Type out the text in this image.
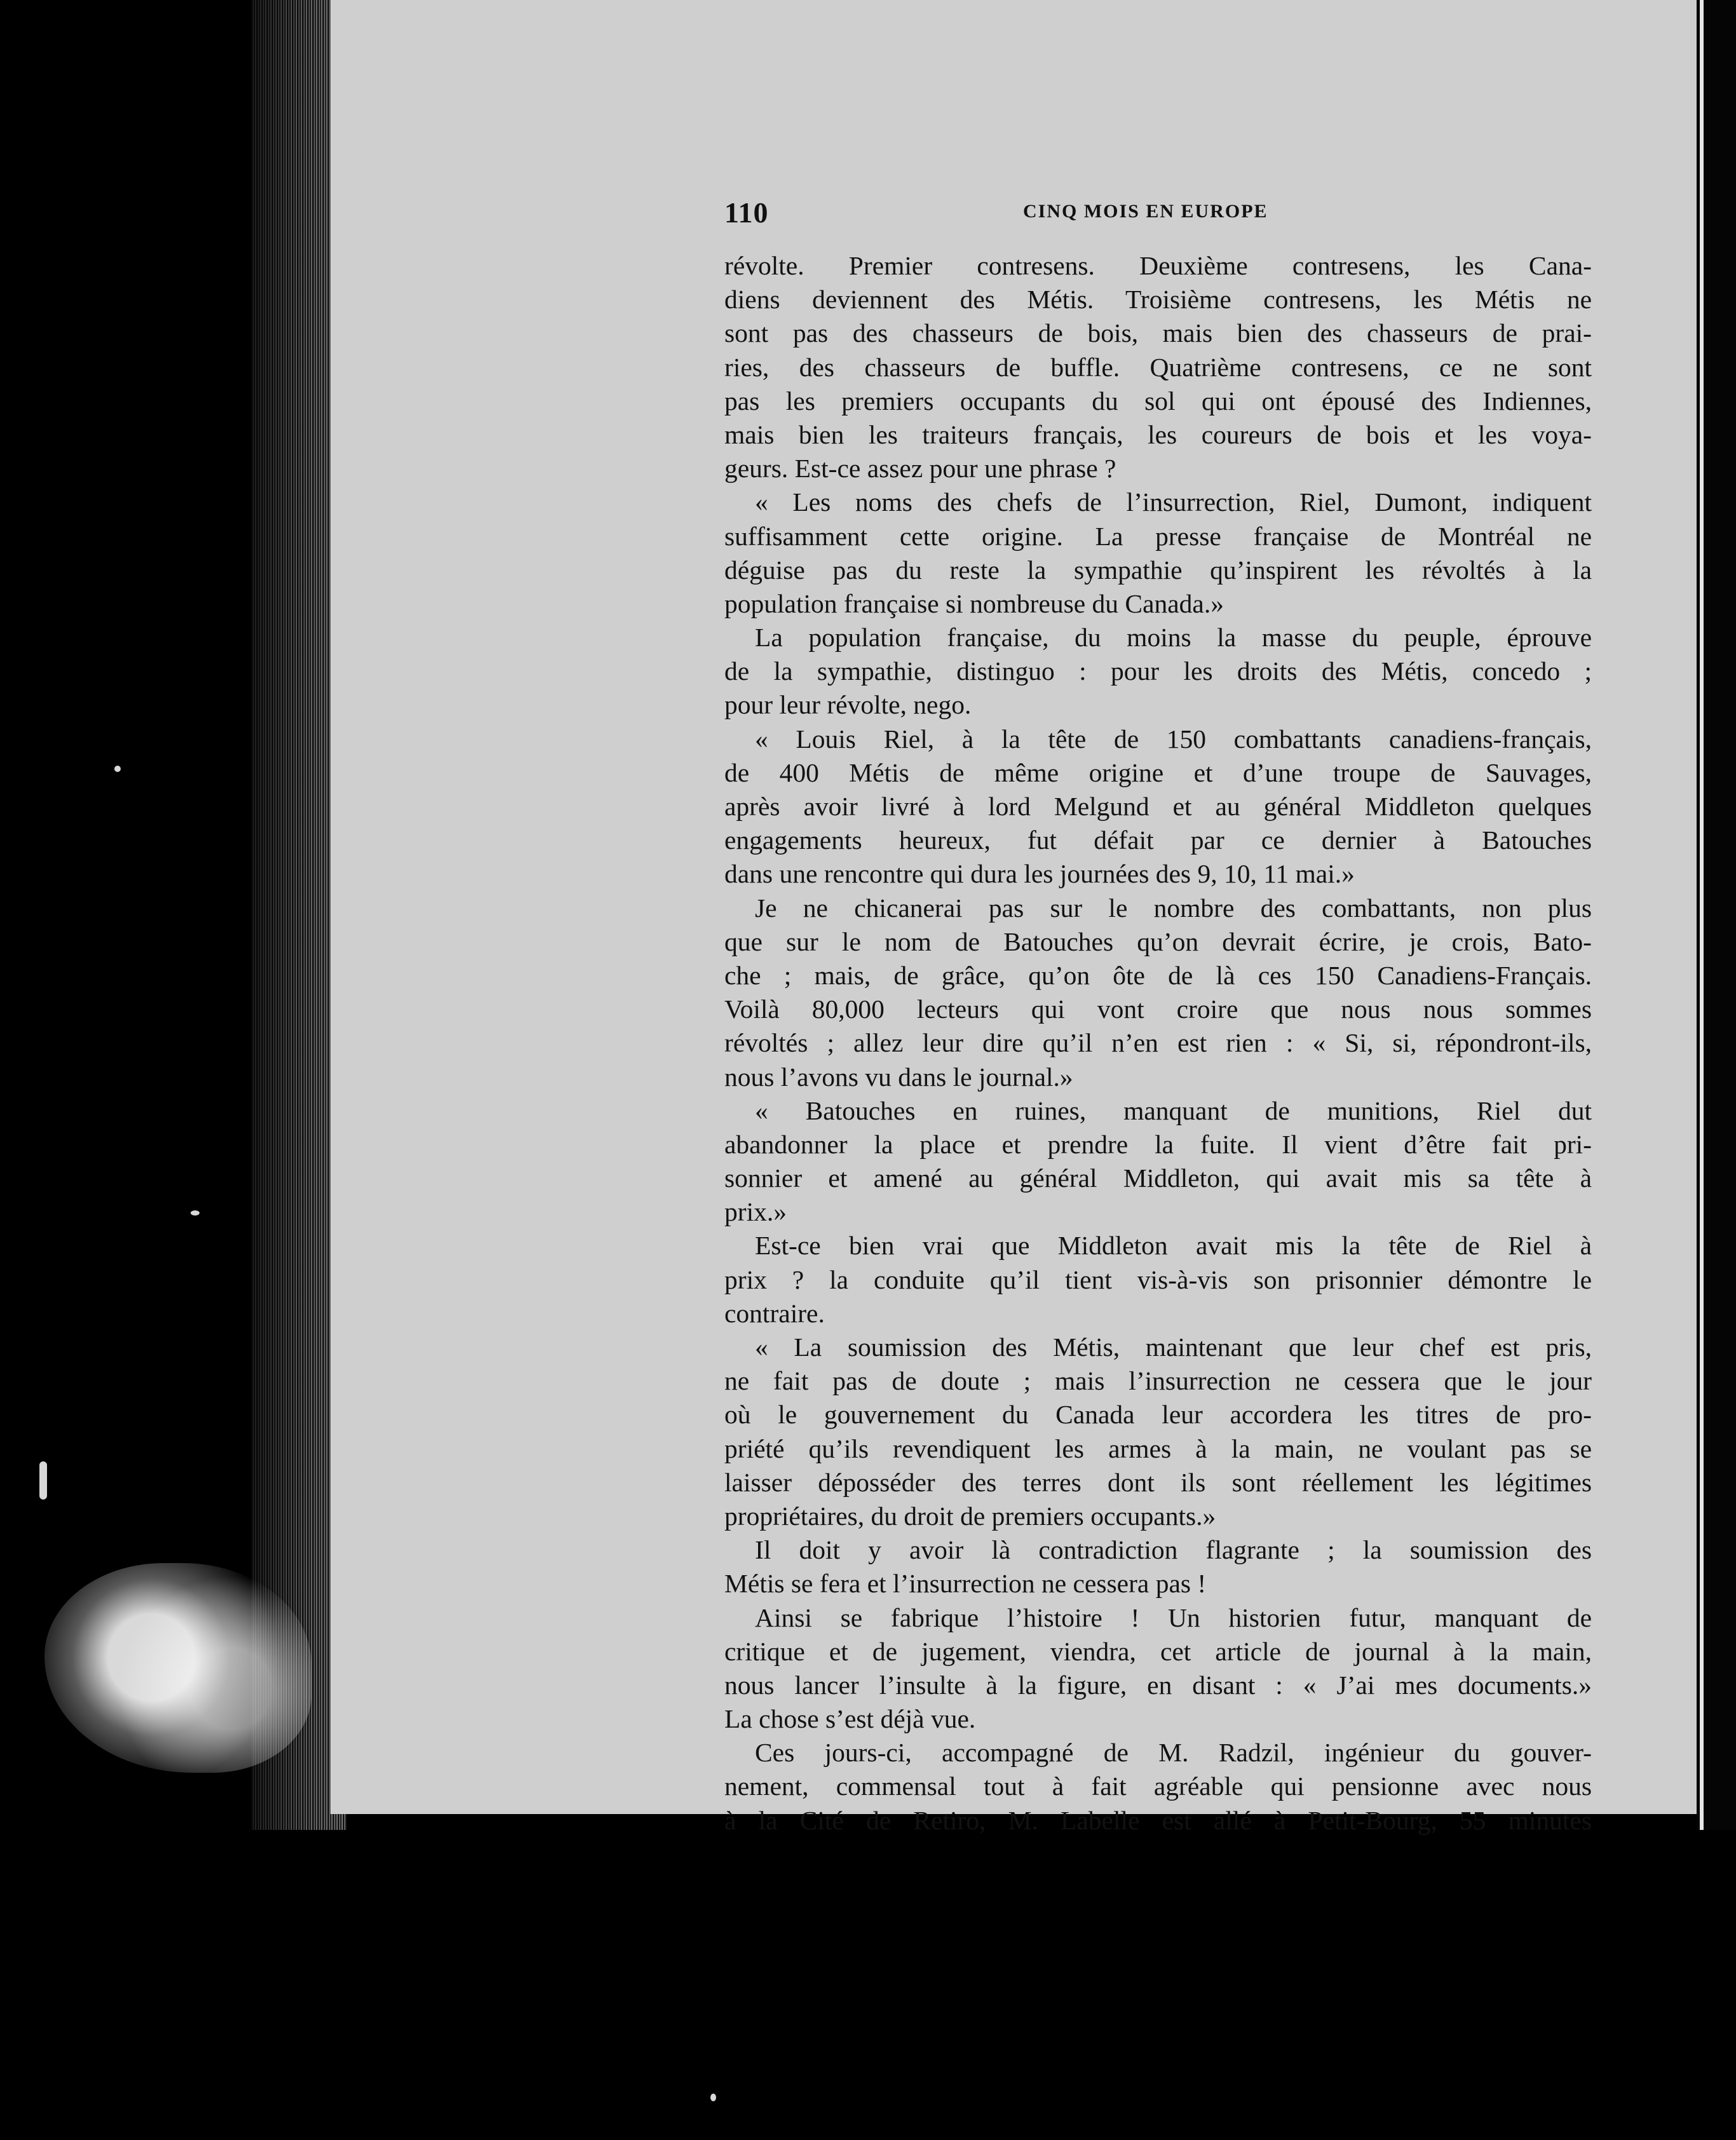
110	CINQ MOIS EN EUROPE
révolte. Premier contresens. Deuxième contresens, les Cana-
diens deviennent des Métis. Troisième contresens, les Métis ne
sont pas des chasseurs de bois, mais bien des chasseurs de prai-
ries, des chasseurs de buffle. Quatrième contresens, ce ne sont
pas les premiers occupants du sol qui ont épousé des Indiennes,
mais bien les traiteurs français, les coureurs de bois et les voya-
geurs. Est-ce assez pour une phrase ?
« Les noms des chefs de l’insurrection, Riel, Dumont, indiquent
suffisamment cette origine. La presse française de Montréal ne
déguise pas du reste la sympathie qu’inspirent les révoltés à la
population française si nombreuse du Canada.»
La population française, du moins la masse du peuple, éprouve
de la sympathie, distinguo : pour les droits des Métis, concedo ;
pour leur révolte, nego.
« Louis Riel, à la tête de 150 combattants canadiens-français,
de 400 Métis de même origine et d’une troupe de Sauvages,
après avoir livré à lord Melgund et au général Middleton quelques
engagements heureux, fut défait par ce dernier à Batouches
dans une rencontre qui dura les journées des 9, 10, 11 mai.»
Je ne chicanerai pas sur le nombre des combattants, non plus
que sur le nom de Batouches qu’on devrait écrire, je crois, Bato-
che ; mais, de grâce, qu’on ôte de là ces 150 Canadiens-Français.
Voilà 80,000 lecteurs qui vont croire que nous nous sommes
révoltés ; allez leur dire qu’il n’en est rien : « Si, si, répondront-ils,
nous l’avons vu dans le journal.»
« Batouches en ruines, manquant de munitions, Riel dut
abandonner la place et prendre la fuite. Il vient d’être fait pri-
sonnier et amené au général Middleton, qui avait mis sa tête à
prix.»
Est-ce bien vrai que Middleton avait mis la tête de Riel à
prix ? la conduite qu’il tient vis-à-vis son prisonnier démontre le
contraire.
« La soumission des Métis, maintenant que leur chef est pris,
ne fait pas de doute ; mais l’insurrection ne cessera que le jour
où le gouvernement du Canada leur accordera les titres de pro-
priété qu’ils revendiquent les armes à la main, ne voulant pas se
laisser déposséder des terres dont ils sont réellement les légitimes
propriétaires, du droit de premiers occupants.»
Il doit y avoir là contradiction flagrante ; la soumission des
Métis se fera et l’insurrection ne cessera pas !
Ainsi se fabrique l’histoire ! Un historien futur, manquant de
critique et de jugement, viendra, cet article de journal à la main,
nous lancer l’insulte à la figure, en disant : « J’ai mes documents.»
La chose s’est déjà vue.
Ces jours-ci, accompagné de M. Radzil, ingénieur du gouver-
nement, commensal tout à fait agréable qui pensionne avec nous
à la Cité de Retiro, M. Labelle est allé à Petit-Bourg, 55 minutes
